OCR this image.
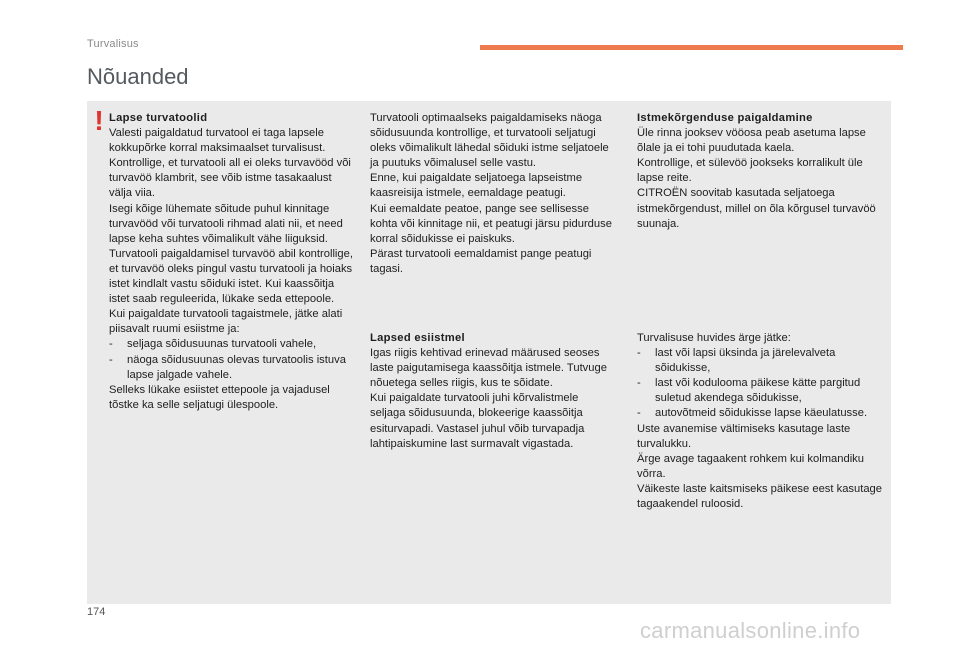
Turvalisus
Nõuanded
! Lapse turvatoolid

Valesti paigaldatud turvatool ei taga lapsele kokkupõrke korral maksimaalset turvalisust.

Kontrollige, et turvatooli all ei oleks turvavööd või turvavöö klambrit, see võib istme tasakaalust välja viia.

Isegi kõige lühemate sõitude puhul kinnitage turvavööd või turvatooli rihmad alati nii, et need lapse keha suhtes võimalikult vähe liiguksid.

Turvatooli paigaldamisel turvavöö abil kontrollige, et turvavöö oleks pingul vastu turvatooli ja hoiaks istet kindlalt vastu sõiduki istet. Kui kaassõitja istet saab reguleerida, lükake seda ettepoole.

Kui paigaldate turvatooli tagaistmele, jätke alati piisavalt ruumi esiistme ja:

- seljaga sõidusuunas turvatooli vahele,

- näoga sõidusuunas olevas turvatoolis istuva lapse jalgade vahele.

Selleks lükake esiistet ettepoole ja vajadusel tõstke ka selle seljatugi ülespoole.

Turvatooli optimaalseks paigaldamiseks näoga sõidusuunda kontrollige, et turvatooli seljatugi oleks võimalikult lähedal sõiduki istme seljatoele ja puutuks võimalusel selle vastu.

Enne, kui paigaldate seljatoega lapseistme kaasreisija istmele, eemaldage peatugi.

Kui eemaldate peatoe, pange see sellisesse kohta või kinnitage nii, et peatugi järsu pidurduse korral sõidukisse ei paiskuks.

Pärast turvatooli eemaldamist pange peatugi tagasi.

Lapsed esiistmel

Igas riigis kehtivad erinevad määrused seoses laste paigutamisega kaassõitja istmele. Tutvuge nõuetega selles riigis, kus te sõidate.

Kui paigaldate turvatooli juhi kõrvalistmele seljaga sõidusuunda, blokeerige kaassõitja esiturvapadi. Vastasel juhul võib turvapadja lahtipaiskumine last surmavalt vigastada.

Istmekõrgenduse paigaldamine

Üle rinna jooksev vööosa peab asetuma lapse õlale ja ei tohi puudutada kaela.

Kontrollige, et sülevöö jookseks korralikult üle lapse reite.

CITROËN soovitab kasutada seljatoega istmekõrgendust, millel on õla kõrgusel turvavöö suunaja.

Turvalisuse huvides ärge jätke:

- last või lapsi üksinda ja järelevalveta sõidukisse,

- last või kodulooma päikese kätte pargitud suletud akendega sõidukisse,

- autovõtmeid sõidukisse lapse käeulatusse.

Uste avanemise vältimiseks kasutage laste turvalukku.

Ärge avage tagaakent rohkem kui kolmandiku võrra.

Väikeste laste kaitsmiseks päikese eest kasutage tagaakendel ruloosid.

174
carmanualsonline.info
